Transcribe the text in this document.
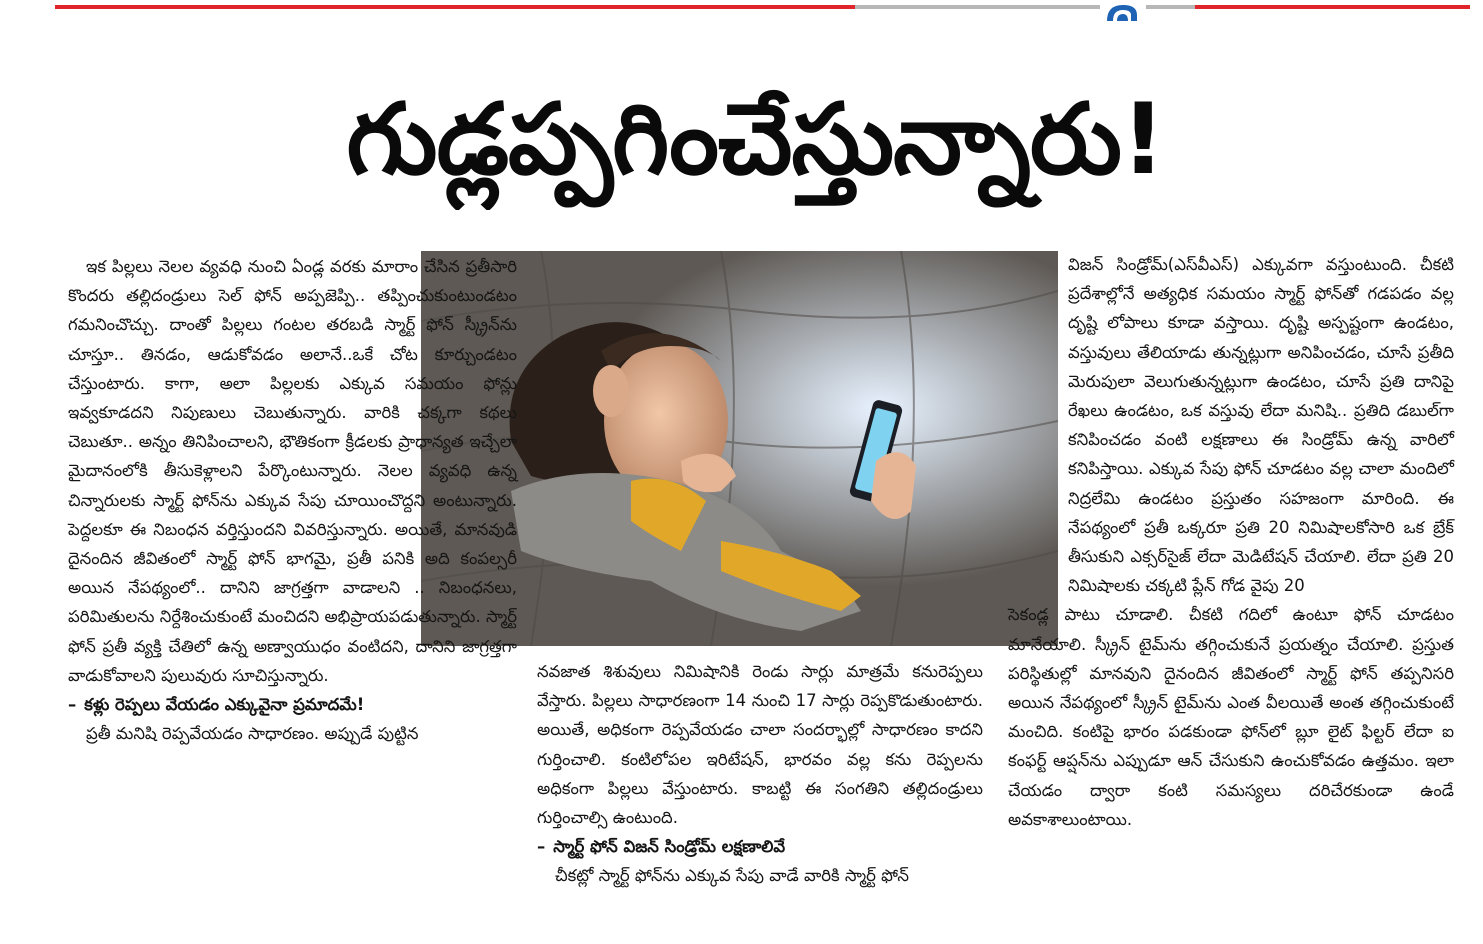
గుడ్లప్పగించేస్తున్నారు!

ఇక పిల్లలు నెలల వ్యవధి నుంచి ఏండ్ల వరకు మారాం చేసిన ప్రతీసారి కొందరు తల్లిదండ్రులు సెల్ ఫోన్ అప్పజెప్పి.. తప్పించుకుంటుండటం గమనించొచ్చు. దాంతో పిల్లలు గంటల తరబడి స్మార్ట్ ఫోన్ స్క్రీన్‌ను చూస్తూ.. తినడం, ఆడుకోవడం అలానే..ఒకే చోట కూర్చుండటం చేస్తుంటారు. కాగా, అలా పిల్లలకు ఎక్కువ సమయం ఫోన్లు ఇవ్వకూడదని నిపుణులు చెబుతున్నారు. వారికి చక్కగా కథలు చెబుతూ.. అన్నం తినిపించాలని, భౌతికంగా క్రీడలకు ప్రాధాన్యత ఇచ్చేలా మైదానంలోకి తీసుకెళ్లాలని పేర్కొంటున్నారు. నెలల వ్యవధి ఉన్న చిన్నారులకు స్మార్ట్ ఫోన్‌ను ఎక్కువ సేపు చూయించొద్దని అంటున్నారు. పెద్దలకూ ఈ నిబంధన వర్తిస్తుందని వివరిస్తున్నారు. అయితే, మానవుడి దైనందిన జీవితంలో స్మార్ట్ ఫోన్ భాగమై, ప్రతీ పనికి అది కంపల్సరీ అయిన నేపథ్యంలో.. దానిని జాగ్రత్తగా వాడాలని .. నిబంధనలు, పరిమితులను నిర్దేశించుకుంటే మంచిదని అభిప్రాయపడుతున్నారు. స్మార్ట్ ఫోన్ ప్రతీ వ్యక్తి చేతిలో ఉన్న అణ్వాయుధం వంటిదని, దానిని జాగ్రత్తగా వాడుకోవాలని పులువురు సూచిస్తున్నారు.

– కళ్లు రెప్పలు వేయడం ఎక్కువైనా ప్రమాదమే!

ప్రతీ మనిషి రెప్పవేయడం సాధారణం. అప్పుడే పుట్టిన

నవజాత శిశువులు నిమిషానికి రెండు సార్లు మాత్రమే కనురెప్పలు వేస్తారు. పిల్లలు సాధారణంగా 14 నుంచి 17 సార్లు రెప్పకొడుతుంటారు. అయితే, అధికంగా రెప్పవేయడం చాలా సందర్భాల్లో సాధారణం కాదని గుర్తించాలి. కంటిలోపల ఇరిటేషన్, భారవం వల్ల కను రెప్పలను అధికంగా పిల్లలు వేస్తుంటారు. కాబట్టి ఈ సంగతిని తల్లిదండ్రులు గుర్తించాల్సి ఉంటుంది.

– స్మార్ట్ ఫోన్ విజన్ సిండ్రోమ్ లక్షణాలివే

చీకట్లో స్మార్ట్ ఫోన్‌ను ఎక్కువ సేపు వాడే వారికి స్మార్ట్ ఫోన్

విజన్ సిండ్రోమ్(ఎస్‌వీఎస్) ఎక్కువగా వస్తుంటుంది. చీకటి ప్రదేశాల్లోనే అత్యధిక సమయం స్మార్ట్ ఫోన్‌తో గడపడం వల్ల దృష్టి లోపాలు కూడా వస్తాయి. దృష్టి అస్పష్టంగా ఉండటం, వస్తువులు తేలియాడు తున్నట్లుగా అనిపించడం, చూసే ప్రతీది మెరుపులా వెలుగుతున్నట్లుగా ఉండటం, చూసే ప్రతి దానిపై రేఖలు ఉండటం, ఒక వస్తువు లేదా మనిషి.. ప్రతిది డబుల్‌గా కనిపించడం వంటి లక్షణాలు ఈ సిండ్రోమ్ ఉన్న వారిలో కనిపిస్తాయి. ఎక్కువ సేపు ఫోన్ చూడటం వల్ల చాలా మందిలో నిద్రలేమి ఉండటం ప్రస్తుతం సహజంగా మారింది. ఈ నేపథ్యంలో ప్రతీ ఒక్కరూ ప్రతి 20 నిమిషాలకోసారి ఒక బ్రేక్ తీసుకుని ఎక్సర్‌సైజ్ లేదా మెడిటేషన్ చేయాలి. లేదా ప్రతి 20 నిమిషాలకు చక్కటి ప్లేన్ గోడ వైపు 20

సెకండ్ల పాటు చూడాలి. చీకటి గదిలో ఉంటూ ఫోన్ చూడటం మానేయాలి. స్క్రీన్ టైమ్‌ను తగ్గించుకునే ప్రయత్నం చేయాలి. ప్రస్తుత పరిస్థితుల్లో మానవుని దైనందిన జీవితంలో స్మార్ట్ ఫోన్ తప్పనిసరి అయిన నేపథ్యంలో స్క్రీన్ టైమ్‌ను ఎంత వీలయితే అంత తగ్గించుకుంటే మంచిది. కంటిపై భారం పడకుండా ఫోన్‌లో బ్లూ లైట్ ఫిల్టర్ లేదా ఐ కంఫర్ట్ ఆప్షన్‌ను ఎప్పుడూ ఆన్ చేసుకుని ఉంచుకోవడం ఉత్తమం. ఇలా చేయడం ద్వారా కంటి సమస్యలు దరిచేరకుండా ఉండే అవకాశాలుంటాయి.
